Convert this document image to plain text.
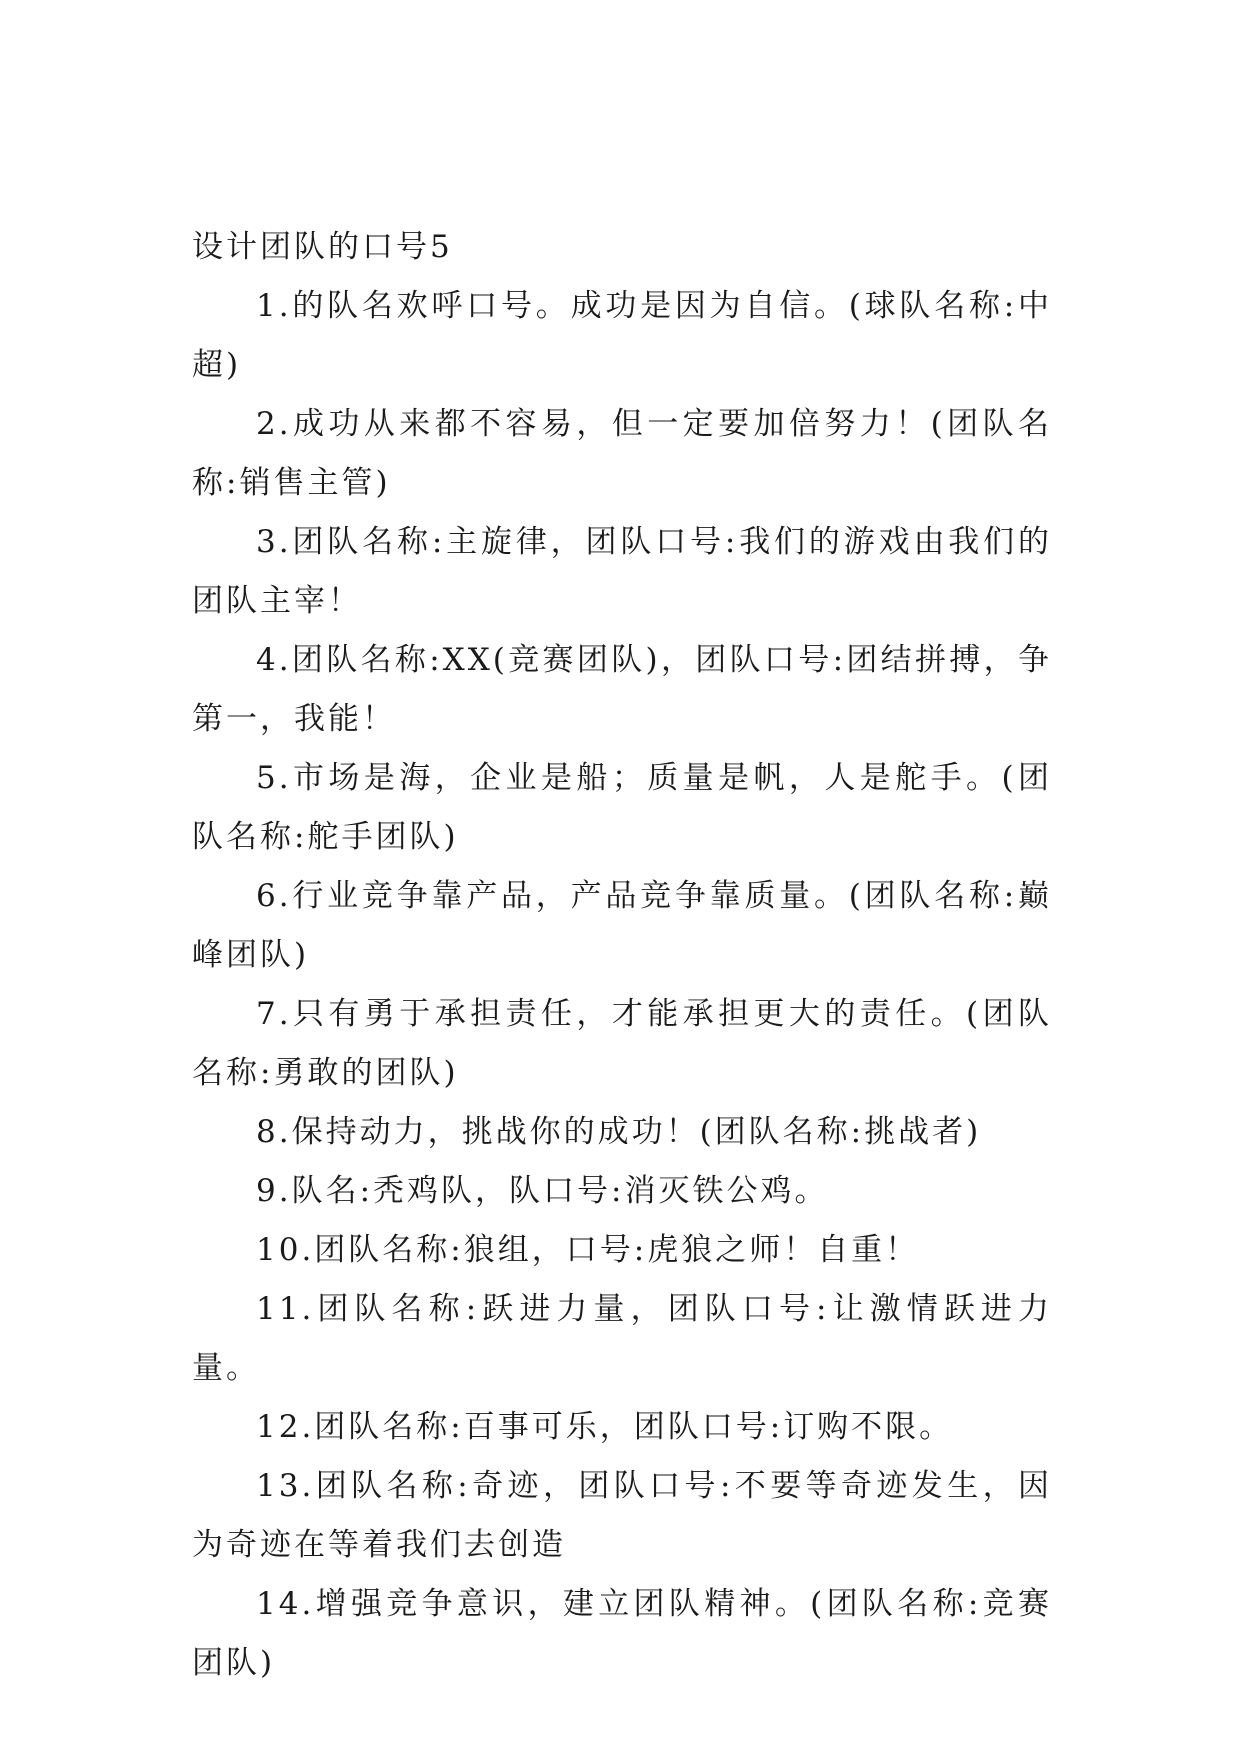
设计团队的口号5

1.的队名欢呼口号。成功是因为自信。(球队名称:中超)

2.成功从来都不容易，但一定要加倍努力！(团队名称:销售主管)

3.团队名称:主旋律，团队口号:我们的游戏由我们的团队主宰！

4.团队名称:XX(竞赛团队)，团队口号:团结拼搏，争第一，我能！

5.市场是海，企业是船；质量是帆，人是舵手。(团队名称:舵手团队)

6.行业竞争靠产品，产品竞争靠质量。(团队名称:巅峰团队)

7.只有勇于承担责任，才能承担更大的责任。(团队名称:勇敢的团队)

8.保持动力，挑战你的成功！(团队名称:挑战者)

9.队名:秃鸡队，队口号:消灭铁公鸡。

10.团队名称:狼组，口号:虎狼之师！自重！

11.团队名称:跃进力量，团队口号:让激情跃进力量。

12.团队名称:百事可乐，团队口号:订购不限。

13.团队名称:奇迹，团队口号:不要等奇迹发生，因为奇迹在等着我们去创造

14.增强竞争意识，建立团队精神。(团队名称:竞赛团队)
